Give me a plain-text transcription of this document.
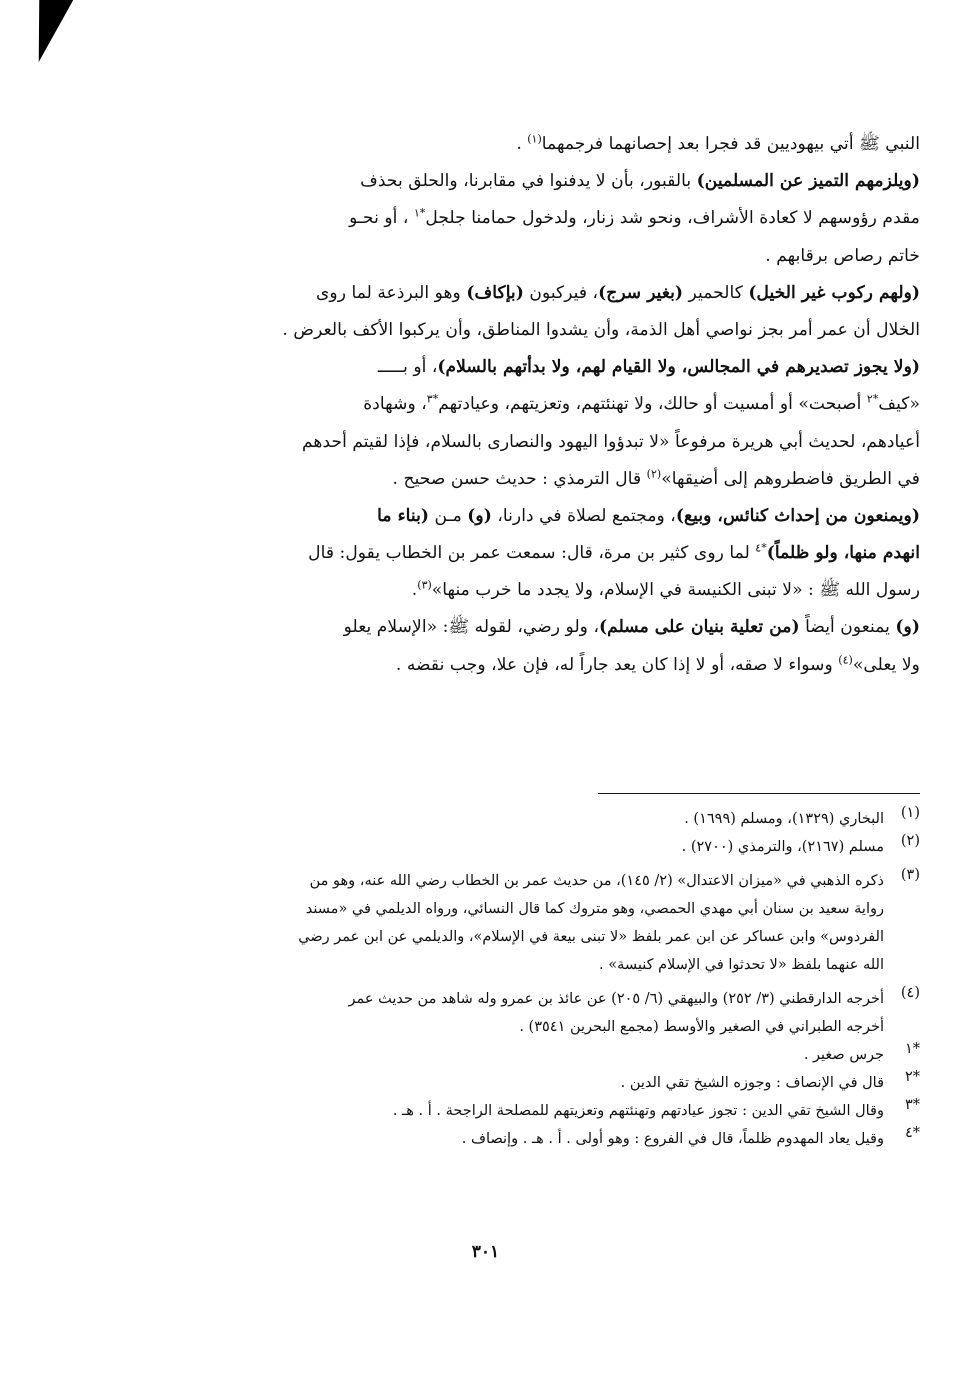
النبي ﷺ أتي بيهوديين قد فجرا بعد إحصانهما فرجمهما$^{(١)}$ .
(ويلزمهم التميز عن المسلمين) بالقبور، بأن لا يدفنوا في مقابرنا، والحلق بحذف
مقدم رؤوسهم لا كعادة الأشراف، ونحو شد زنار، ولدخول حمامنا جلجل$^{*١}$ ، أو نحـو
خاتم رصاص برقابهم .
(ولهم ركوب غير الخيل) كالحمير (بغير سرج)، فيركبون (بإكاف) وهو البرذعة لما روى
الخلال أن عمر أمر بجز نواصي أهل الذمة، وأن يشدوا المناطق، وأن يركبوا الأكف بالعرض .
(ولا يجوز تصديرهم في المجالس، ولا القيام لهم، ولا بدأتهم بالسلام)، أو بـــــ
«كيف$^{*٢}$ أصبحت» أو أمسيت أو حالك، ولا تهنئتهم، وتعزيتهم، وعيادتهم$^{*٣}$، وشهادة
أعيادهم، لحديث أبي هريرة مرفوعاً «لا تبدؤوا اليهود والنصارى بالسلام، فإذا لقيتم أحدهم
في الطريق فاضطروهم إلى أضيقها»$^{(٢)}$ قال الترمذي : حديث حسن صحيح .
(ويمنعون من إحداث كنائس، وبيع)، ومجتمع لصلاة في دارنا، (و) مـن (بناء ما
انهدم منها، ولو ظلماً)$^{*٤}$ لما روى كثير بن مرة، قال: سمعت عمر بن الخطاب يقول: قال
رسول الله ﷺ : «لا تبنى الكنيسة في الإسلام، ولا يجدد ما خرب منها»$^{(٣)}$.
(و) يمنعون أيضاً (من تعلية بنيان على مسلم)، ولو رضي، لقوله ﷺ: «الإسلام يعلو
ولا يعلى»$^{(٤)}$ وسواء لا صقه، أو لا إذا كان يعد جاراً له، فإن علا، وجب نقضه .
(١)
البخاري (١٣٢٩)، ومسلم (١٦٩٩) .
(٢)
مسلم (٢١٦٧)، والترمذي (٢٧٠٠) .
(٣)
ذكره الذهبي في «ميزان الاعتدال» (٢/ ١٤٥)، من حديث عمر بن الخطاب رضي الله عنه، وهو من
رواية سعيد بن سنان أبي مهدي الحمصي، وهو متروك كما قال النسائي، ورواه الديلمي في «مسند
الفردوس» وابن عساكر عن ابن عمر بلفظ «لا تبنى بيعة في الإسلام»، والديلمي عن ابن عمر رضي
الله عنهما بلفظ «لا تحدثوا في الإسلام كنيسة» .
(٤)
أخرجه الدارقطني (٣/ ٢٥٢) والبيهقي (٦/ ٢٠٥) عن عائذ بن عمرو وله شاهد من حديث عمر
أخرجه الطبراني في الصغير والأوسط (مجمع البحرين ٣٥٤١) .
*١
جرس صغير .
*٢
قال في الإنصاف : وجوزه الشيخ تقي الدين .
*٣
وقال الشيخ تقي الدين : تجوز عيادتهم وتهنئتهم وتعزيتهم للمصلحة الراجحة . أ . هـ .
*٤
وقيل يعاد المهدوم ظلماً، قال في الفروع : وهو أولى . أ . هـ . وإنصاف .
٣٠١
